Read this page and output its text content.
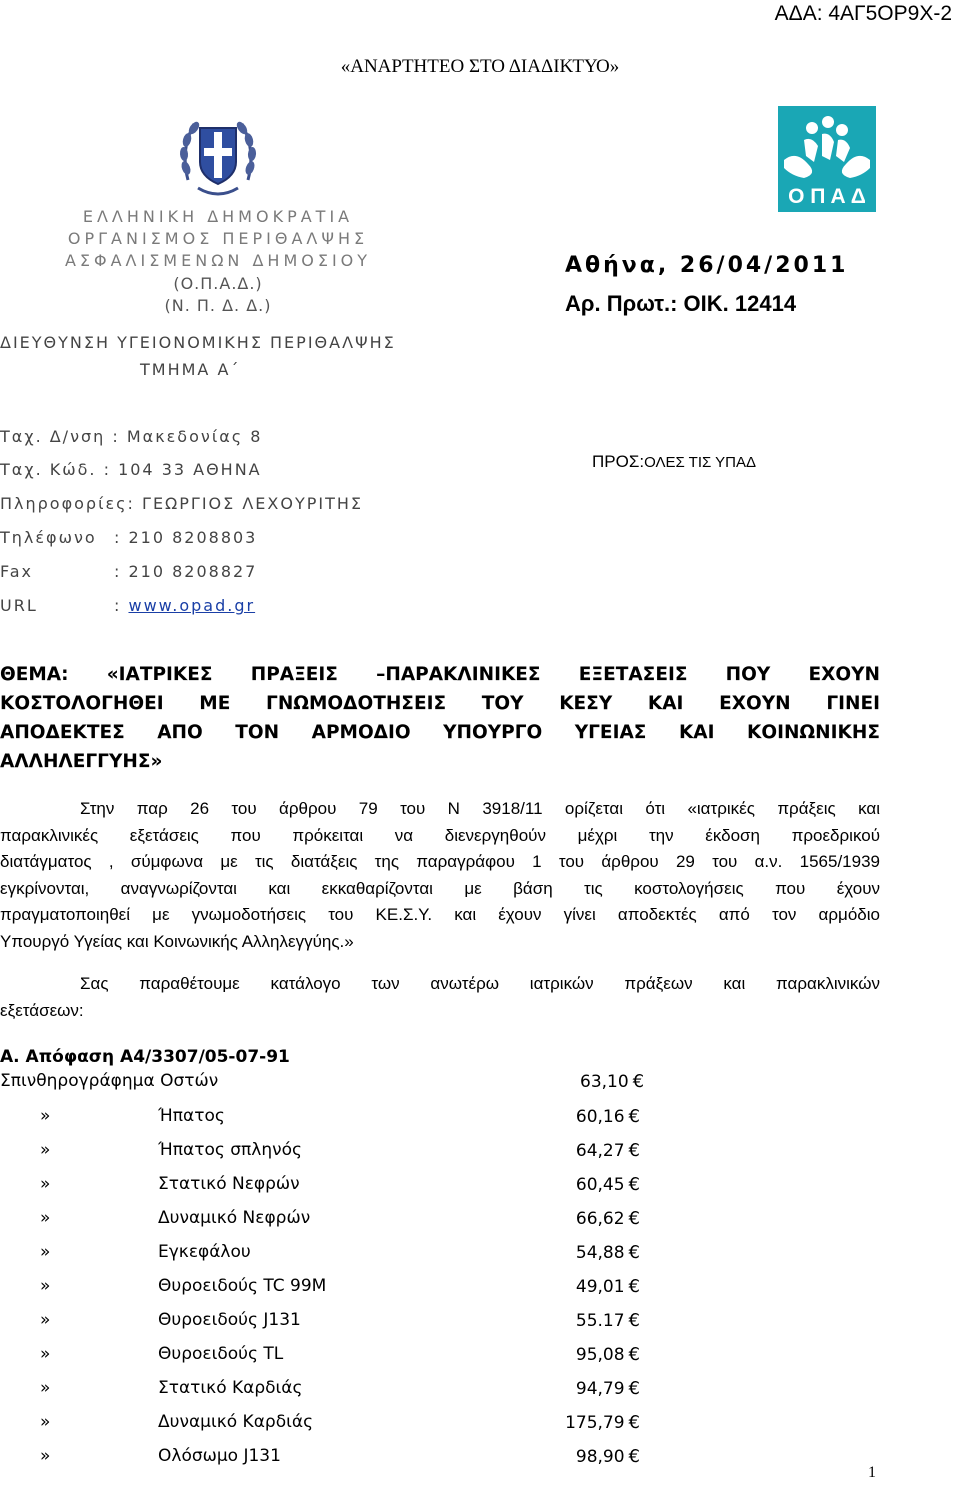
ΑΔΑ: 4ΑΓ5ΟΡ9Χ-2
«ΑΝΑΡΤΗΤΕΟ ΣΤΟ ΔΙΑΔΙΚΤΥΟ»
Ο Π Α Δ
ΕΛΛΗΝΙΚΗ ΔΗΜΟΚΡΑΤΙΑ
ΟΡΓΑΝΙΣΜΟΣ ΠΕΡΙΘΑΛΨΗΣ
ΑΣΦΑΛΙΣΜΕΝΩΝ ΔΗΜΟΣΙΟΥ
(Ο.Π.Α.Δ.)
(Ν. Π. Δ. Δ.)
Αθήνα, 26/04/2011
Αρ. Πρωτ.: ΟΙΚ. 12414
ΔΙΕΥΘΥΝΣΗ ΥΓΕΙΟΝΟΜΙΚΗΣ ΠΕΡΙΘΑΛΨΗΣ
ΤΜΗΜΑ Α΄
Ταχ. Δ/νση : Μακεδονίας 8
Ταχ. Κώδ. : 104 33 ΑΘΗΝΑ
Πληροφορίες: ΓΕΩΡΓΙΟΣ ΛΕΧΟΥΡΙΤΗΣ
Τηλέφωνο : 210 8208803
Fax	: 210 8208827
URL	: www.opad.gr
ΠΡΟΣ:ΟΛΕΣ ΤΙΣ ΥΠΑΔ
ΘΕΜΑ: «ΙΑΤΡΙΚΕΣ ΠΡΑΞΕΙΣ –ΠΑΡΑΚΛΙΝΙΚΕΣ ΕΞΕΤΑΣΕΙΣ ΠΟΥ ΕΧΟΥΝ
ΚΟΣΤΟΛΟΓΗΘΕΙ ΜΕ ΓΝΩΜΟΔΟΤΗΣΕΙΣ ΤΟΥ ΚΕΣΥ ΚΑΙ ΕΧΟΥΝ ΓΙΝΕΙ
ΑΠΟΔΕΚΤΕΣ ΑΠΟ ΤΟΝ ΑΡΜΟΔΙΟ ΥΠΟΥΡΓΟ ΥΓΕΙΑΣ ΚΑΙ ΚΟΙΝΩΝΙΚΗΣ
ΑΛΛΗΛΕΓΓΥΗΣ»

Στην παρ 26 του άρθρου 79 του Ν 3918/11 ορίζεται ότι «ιατρικές πράξεις και

παρακλινικές εξετάσεις που πρόκειται να διενεργηθούν μέχρι την έκδοση προεδρικού

διατάγματος , σύμφωνα με τις διατάξεις της παραγράφου 1 του άρθρου 29 του α.ν. 1565/1939

εγκρίνονται, αναγνωρίζονται και εκκαθαρίζονται με βάση τις κοστολογήσεις που έχουν

πραγματοποιηθεί με γνωμοδοτήσεις του ΚΕ.Σ.Υ. και έχουν γίνει αποδεκτές από τον αρμόδιο

Υπουργό Υγείας και Κοινωνικής Αλληλεγγύης.»

Σας παραθέτουμε κατάλογο των ανωτέρω ιατρικών πράξεων και παρακλινικών

εξετάσεων:

Α. Απόφαση Α4/3307/05-07-91
Σπινθηρογράφημα Οστών	63,10 €
»	Ήπατος	60,16 €
»	Ήπατος σπληνός	64,27 €
»	Στατικό Νεφρών	60,45 €
»	Δυναμικό Νεφρών	66,62 €
»	Εγκεφάλου	54,88 €
»	Θυροειδούς TC 99M	49,01 €
»	Θυροειδούς J131	55.17 €
»	Θυροειδούς TL	95,08 €
»	Στατικό Καρδιάς	94,79 €
»	Δυναμικό Καρδιάς	175,79 €
»	Ολόσωμο J131	98,90 €
1
